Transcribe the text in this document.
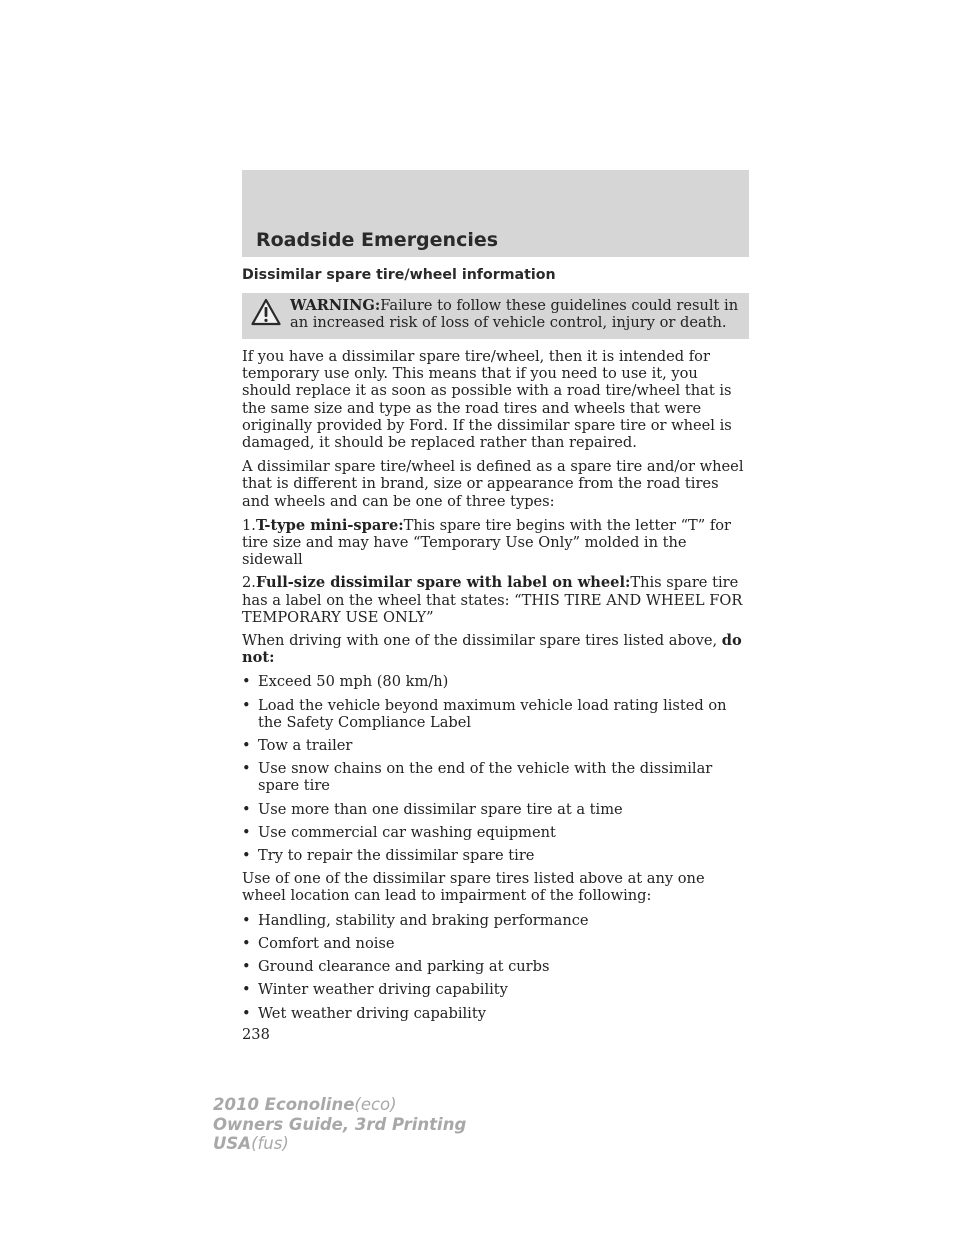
Roadside Emergencies
Dissimilar spare tire/wheel information

WARNING:Failure to follow these guidelines could result in an increased risk of loss of vehicle control, injury or death.

If you have a dissimilar spare tire/wheel, then it is intended for temporary use only. This means that if you need to use it, you should replace it as soon as possible with a road tire/wheel that is the same size and type as the road tires and wheels that were originally provided by Ford. If the dissimilar spare tire or wheel is damaged, it should be replaced rather than repaired.

A dissimilar spare tire/wheel is defined as a spare tire and/or wheel that is different in brand, size or appearance from the road tires and wheels and can be one of three types:

1.T-type mini-spare:This spare tire begins with the letter “T” for tire size and may have “Temporary Use Only” molded in the sidewall

2.Full-size dissimilar spare with label on wheel:This spare tire has a label on the wheel that states: “THIS TIRE AND WHEEL FOR TEMPORARY USE ONLY”

When driving with one of the dissimilar spare tires listed above, do not:

• Exceed 50 mph (80 km/h)
• Load the vehicle beyond maximum vehicle load rating listed on the Safety Compliance Label
• Tow a trailer
• Use snow chains on the end of the vehicle with the dissimilar spare tire
• Use more than one dissimilar spare tire at a time
• Use commercial car washing equipment
• Try to repair the dissimilar spare tire

Use of one of the dissimilar spare tires listed above at any one wheel location can lead to impairment of the following:

• Handling, stability and braking performance
• Comfort and noise
• Ground clearance and parking at curbs
• Winter weather driving capability
• Wet weather driving capability
238
2010 Econoline(eco)
Owners Guide, 3rd Printing
USA(fus)
